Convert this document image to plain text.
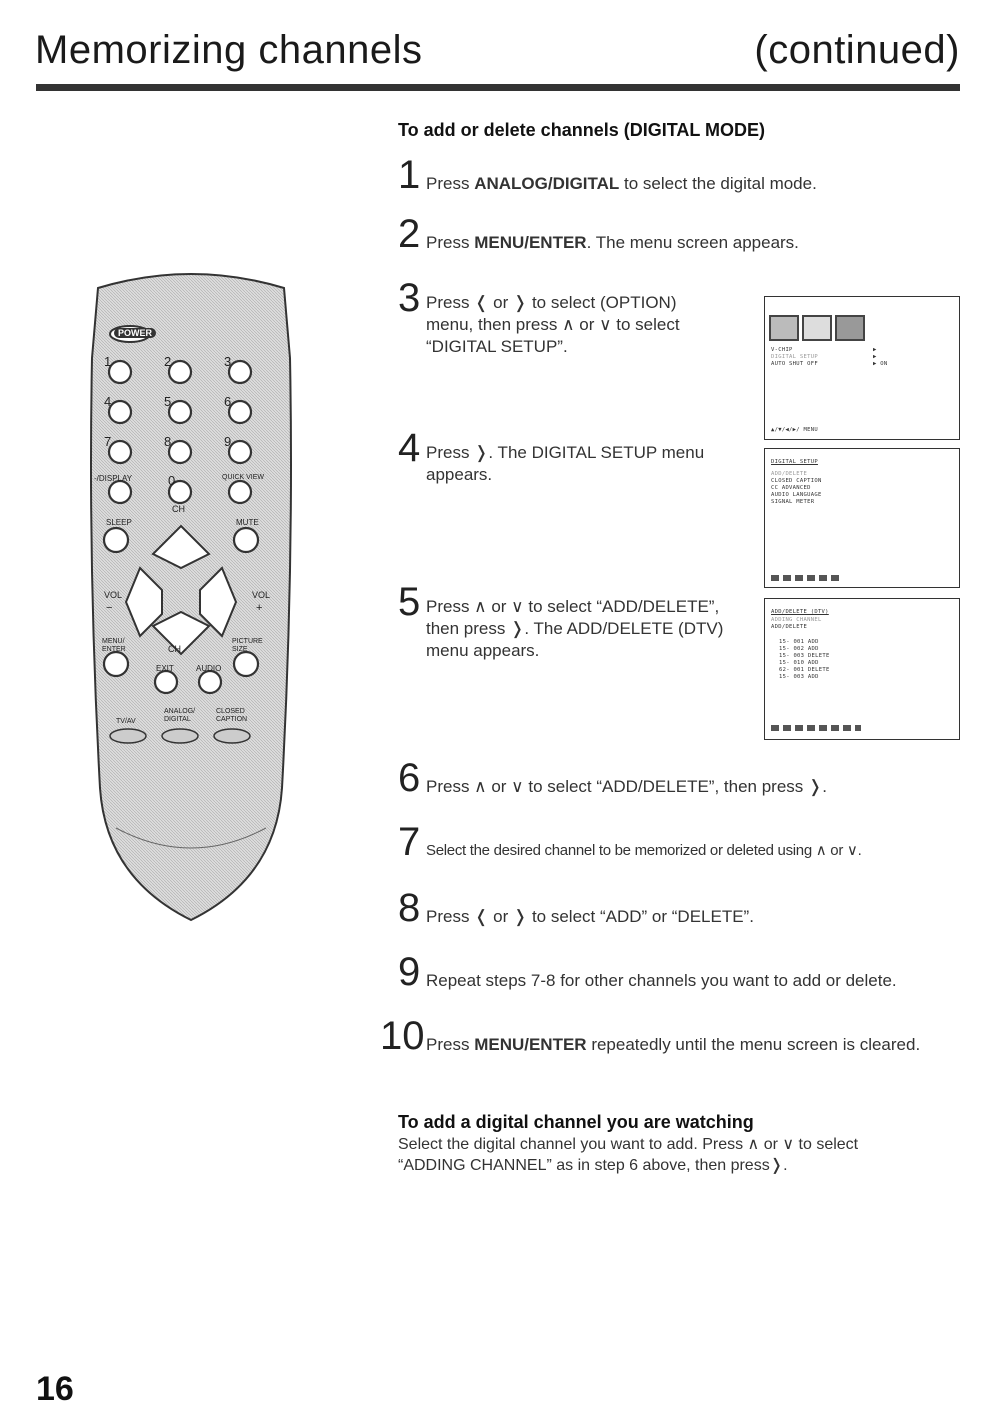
Memorizing channels	(continued)
To add or delete channels (DIGITAL MODE)
1 Press ANALOG/DIGITAL to select the digital mode.
2 Press MENU/ENTER. The menu screen appears.
3 Press ❬ or ❭ to select (OPTION)
menu, then press ∧ or ∨ to select
“DIGITAL SETUP”.
4 Press ❭. The DIGITAL SETUP menu
appears.
5 Press ∧ or ∨ to select “ADD/DELETE”,
then press ❭. The ADD/DELETE (DTV)
menu appears.
V-CHIP
DIGITAL SETUP
AUTO SHUT OFF
▶
▶
▶ ON
▲/▼/◀/▶/ MENU
DIGITAL SETUP
ADD/DELETE
CLOSED CAPTION
CC ADVANCED
AUDIO LANGUAGE
SIGNAL METER
ADD/DELETE (DTV)
ADDING CHANNEL
ADD/DELETE
15- 001 ADD
15- 002 ADD
15- 003 DELETE
15- 010 ADD
62- 001 DELETE
15- 003 ADD
6 Press ∧ or ∨ to select “ADD/DELETE”, then press ❭.
7 Select the desired channel to be memorized or deleted using ∧ or ∨.
8 Press ❬ or ❭ to select “ADD” or “DELETE”.
9 Repeat steps 7-8 for other channels you want to add or delete.
10 Press MENU/ENTER repeatedly until the menu screen is cleared.
To add a digital channel you are watching
Select the digital channel you want to add. Press ∧ or ∨ to select
“ADDING CHANNEL” as in step 6 above, then press❭.
16
POWER
1	2	3
4	5	6
7	8	9
0
-/DISPLAY	QUICK VIEW
SLEEP	MUTE
CH
CH
VOL	VOL
−	+
MENU/ ENTER
PICTURE SIZE
EXIT	AUDIO
TV/AV
ANALOG/ DIGITAL
CLOSED CAPTION
